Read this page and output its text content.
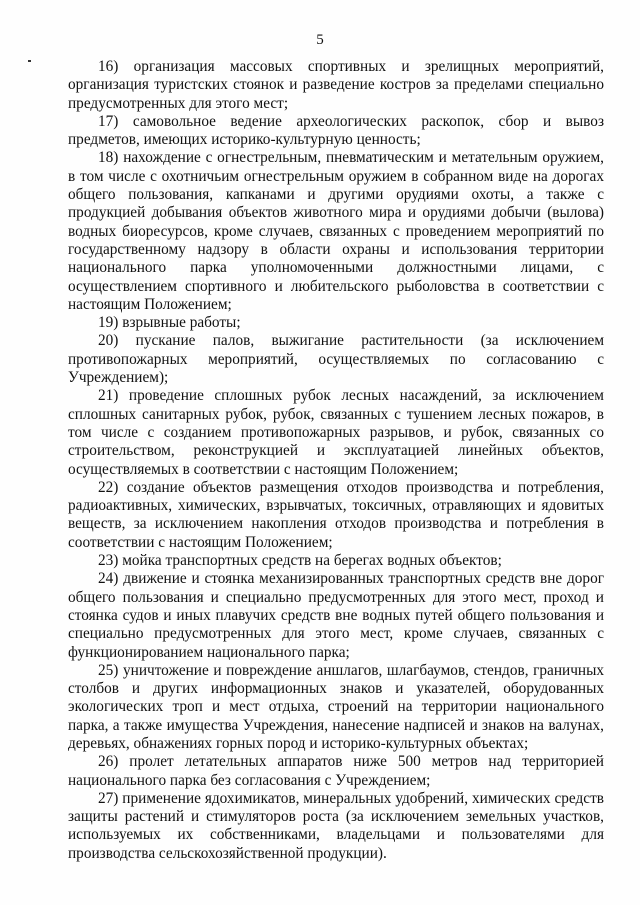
5

16) организация массовых спортивных и зрелищных мероприятий, организация туристских стоянок и разведение костров за пределами специально предусмотренных для этого мест;

17) самовольное ведение археологических раскопок, сбор и вывоз предметов, имеющих историко-культурную ценность;

18) нахождение с огнестрельным, пневматическим и метательным оружием, в том числе с охотничьим огнестрельным оружием в собранном виде на дорогах общего пользования, капканами и другими орудиями охоты, а также с продукцией добывания объектов животного мира и орудиями добычи (вылова) водных биоресурсов, кроме случаев, связанных с проведением мероприятий по государственному надзору в области охраны и использования территории национального парка уполномоченными должностными лицами, с осуществлением спортивного и любительского рыболовства в соответствии с настоящим Положением;

19) взрывные работы;

20) пускание палов, выжигание растительности (за исключением противопожарных мероприятий, осуществляемых по согласованию с Учреждением);

21) проведение сплошных рубок лесных насаждений, за исключением сплошных санитарных рубок, рубок, связанных с тушением лесных пожаров, в том числе с созданием противопожарных разрывов, и рубок, связанных со строительством, реконструкцией и эксплуатацией линейных объектов, осуществляемых в соответствии с настоящим Положением;

22) создание объектов размещения отходов производства и потребления, радиоактивных, химических, взрывчатых, токсичных, отравляющих и ядовитых веществ, за исключением накопления отходов производства и потребления в соответствии с настоящим Положением;

23) мойка транспортных средств на берегах водных объектов;

24) движение и стоянка механизированных транспортных средств вне дорог общего пользования и специально предусмотренных для этого мест, проход и стоянка судов и иных плавучих средств вне водных путей общего пользования и специально предусмотренных для этого мест, кроме случаев, связанных с функционированием национального парка;

25) уничтожение и повреждение аншлагов, шлагбаумов, стендов, граничных столбов и других информационных знаков и указателей, оборудованных экологических троп и мест отдыха, строений на территории национального парка, а также имущества Учреждения, нанесение надписей и знаков на валунах, деревьях, обнажениях горных пород и историко-культурных объектах;

26) пролет летательных аппаратов ниже 500 метров над территорией национального парка без согласования с Учреждением;

27) применение ядохимикатов, минеральных удобрений, химических средств защиты растений и стимуляторов роста (за исключением земельных участков, используемых их собственниками, владельцами и пользователями для производства сельскохозяйственной продукции).
